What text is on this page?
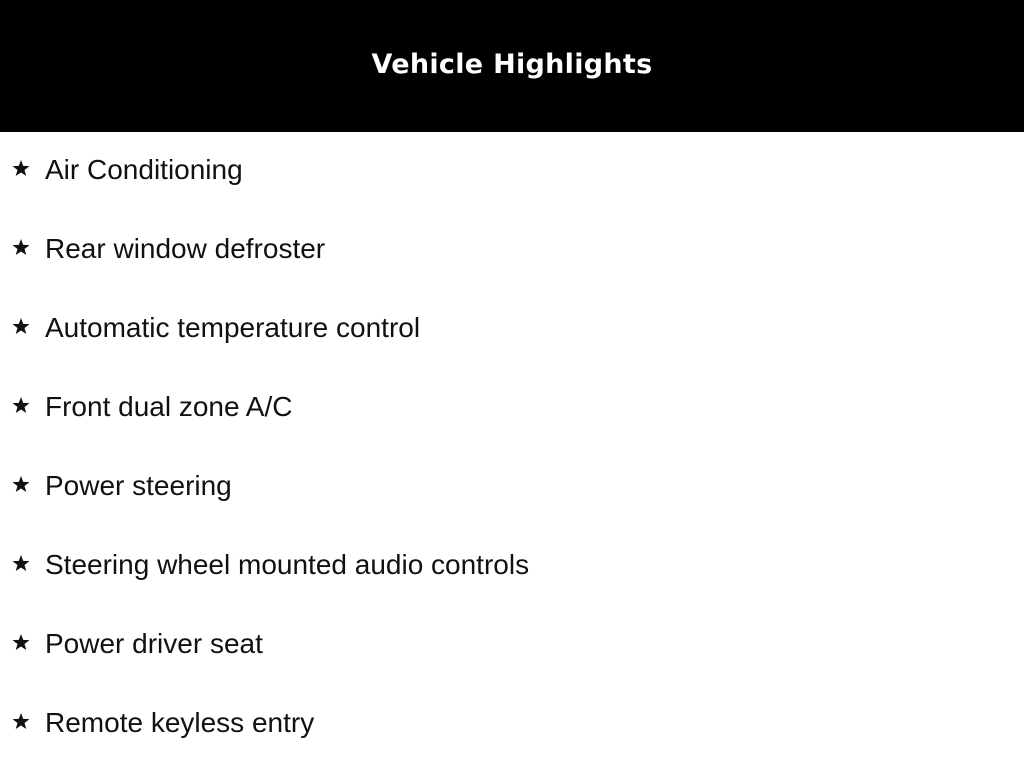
Vehicle Highlights
Air Conditioning
Rear window defroster
Automatic temperature control
Front dual zone A/C
Power steering
Steering wheel mounted audio controls
Power driver seat
Remote keyless entry
